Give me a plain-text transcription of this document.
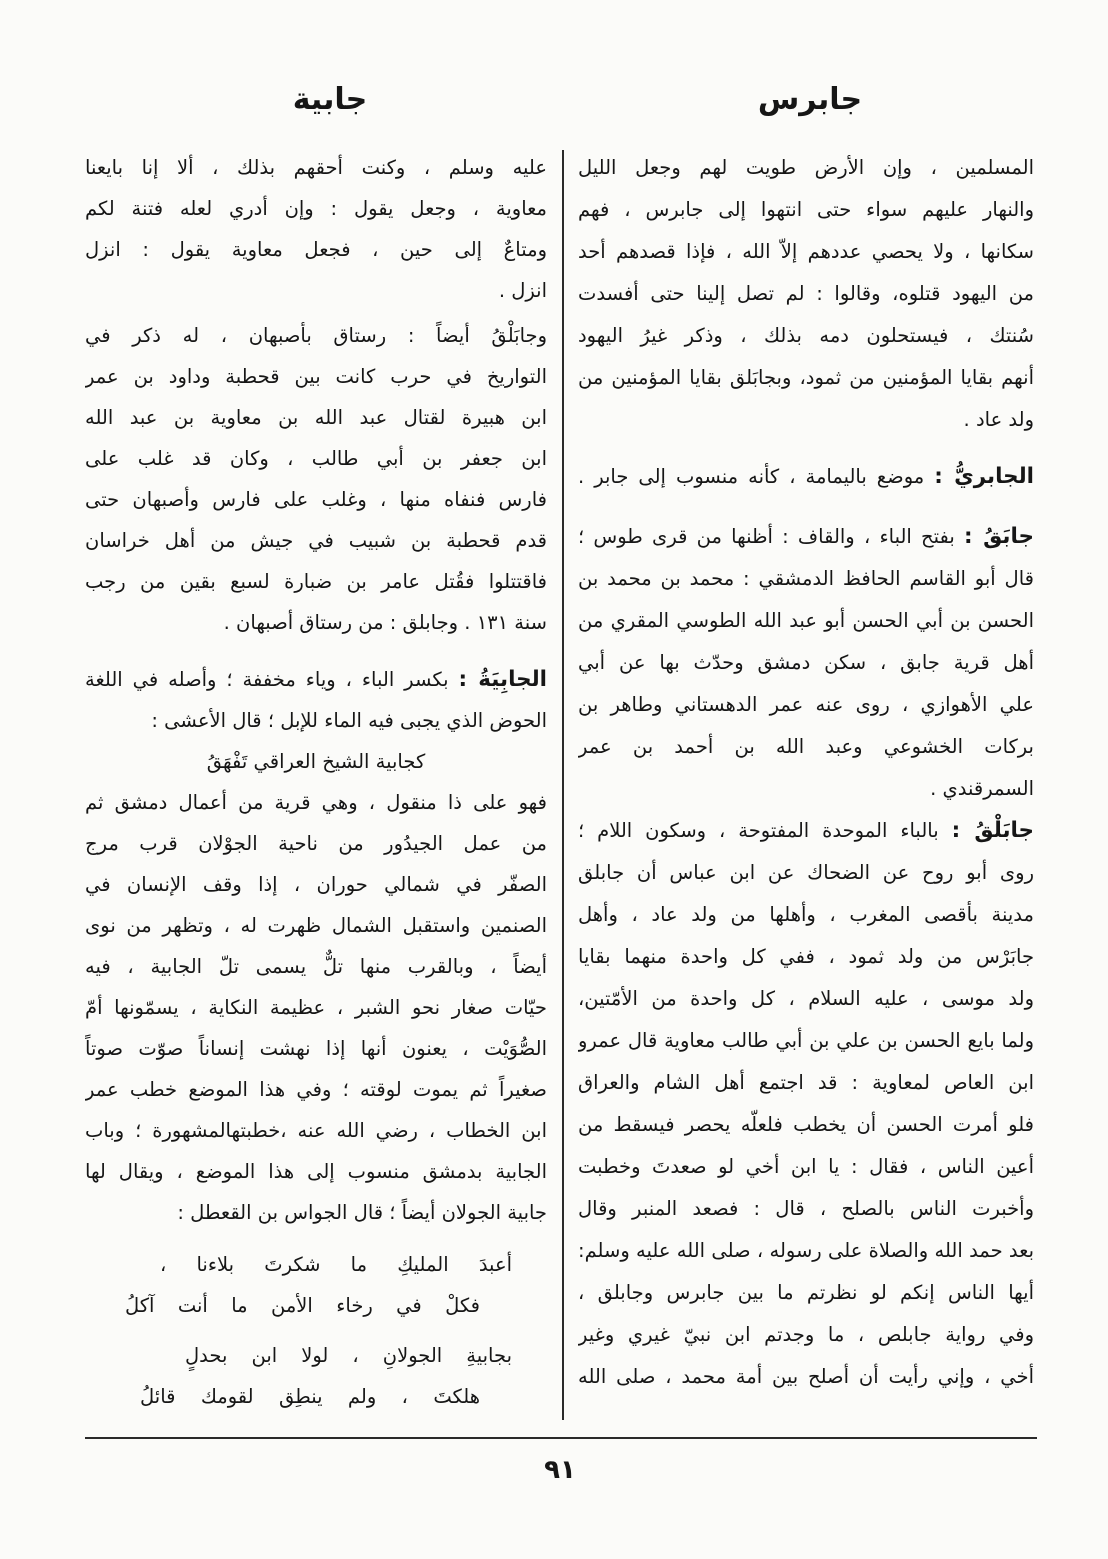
جابرس
جابية
المسلمين ، وإن الأرض طويت لهم وجعل الليل
والنهار عليهم سواء حتى انتهوا إلى جابرس ، فهم
سكانها ، ولا يحصي عددهم إلاّ الله ، فإذا قصدهم أحد
من اليهود قتلوه، وقالوا : لم تصل إلينا حتى أفسدت
سُنتك ، فيستحلون دمه بذلك ، وذكر غيرُ اليهود
أنهم بقايا المؤمنين من ثمود، وبجابَلق بقايا المؤمنين من
ولد عاد .
الجابريُّ : موضع باليمامة ، كأنه منسوب إلى جابر .
جابَقُ : بفتح الباء ، والقاف : أظنها من قرى طوس ؛
قال أبو القاسم الحافظ الدمشقي : محمد بن محمد بن
الحسن بن أبي الحسن أبو عبد الله الطوسي المقري من
أهل قرية جابق ، سكن دمشق وحدّث بها عن أبي
علي الأهوازي ، روى عنه عمر الدهستاني وطاهر بن
بركات الخشوعي وعبد الله بن أحمد بن عمر
السمرقندي .
جابَلْقُ : بالباء الموحدة المفتوحة ، وسكون اللام ؛
روى أبو روح عن الضحاك عن ابن عباس أن جابلق
مدينة بأقصى المغرب ، وأهلها من ولد عاد ، وأهل
جابَرْس من ولد ثمود ، ففي كل واحدة منهما بقايا
ولد موسى ، عليه السلام ، كل واحدة من الأمّتين،
ولما بايع الحسن بن علي بن أبي طالب معاوية قال عمرو
ابن العاص لمعاوية : قد اجتمع أهل الشام والعراق
فلو أمرت الحسن أن يخطب فلعلّه يحصر فيسقط من
أعين الناس ، فقال : يا ابن أخي لو صعدتَ وخطبت
وأخبرت الناس بالصلح ، قال : فصعد المنبر وقال
بعد حمد الله والصلاة على رسوله ، صلى الله عليه وسلم:
أيها الناس إنكم لو نظرتم ما بين جابرس وجابلق ،
وفي رواية جابلص ، ما وجدتم ابن نبيّ غيري وغير
أخي ، وإني رأيت أن أصلح بين أمة محمد ، صلى الله
عليه وسلم ، وكنت أحقهم بذلك ، ألا إنا بايعنا
معاوية ، وجعل يقول : وإن أدري لعله فتنة لكم
ومتاعٌ إلى حين ، فجعل معاوية يقول : انزل
انزل .
وجابَلْقُ أيضاً : رستاق بأصبهان ، له ذكر في
التواريخ في حرب كانت بين قحطبة وداود بن عمر
ابن هبيرة لقتال عبد الله بن معاوية بن عبد الله
ابن جعفر بن أبي طالب ، وكان قد غلب على
فارس فنفاه منها ، وغلب على فارس وأصبهان حتى
قدم قحطبة بن شبيب في جيش من أهل خراسان
فاقتتلوا فقُتل عامر بن ضبارة لسبع بقين من رجب
سنة ١٣١ . وجابلق : من رستاق أصبهان .
الجابِيَةُ : بكسر الباء ، وياء مخففة ؛ وأصله في اللغة
الحوض الذي يجبى فيه الماء للإبل ؛ قال الأعشى :
كجابية الشيخ العراقي تَفْهَقُ
فهو على ذا منقول ، وهي قرية من أعمال دمشق ثم
من عمل الجيدُور من ناحية الجوْلان قرب مرج
الصفّر في شمالي حوران ، إذا وقف الإنسان في
الصنمين واستقبل الشمال ظهرت له ، وتظهر من نوى
أيضاً ، وبالقرب منها تلٌّ يسمى تلّ الجابية ، فيه
حيّات صغار نحو الشبر ، عظيمة النكاية ، يسمّونها أمّ
الصُّوَيْت ، يعنون أنها إذا نهشت إنساناً صوّت صوتاً
صغيراً ثم يموت لوقته ؛ وفي هذا الموضع خطب عمر
ابن الخطاب ، رضي الله عنه ،خطبتهالمشهورة ؛ وباب
الجابية بدمشق منسوب إلى هذا الموضع ، ويقال لها
جابية الجولان أيضاً ؛ قال الجواس بن القعطل :
أعبدَ المليكِ ما شكرتَ بلاءنا ،
فكلْ في رخاء الأمن ما أنت آكلُ
بجابيةِ الجولانِ ، لولا ابن بحدلٍ
هلكتَ ، ولم ينطِق لقومك قائلُ
٩١
